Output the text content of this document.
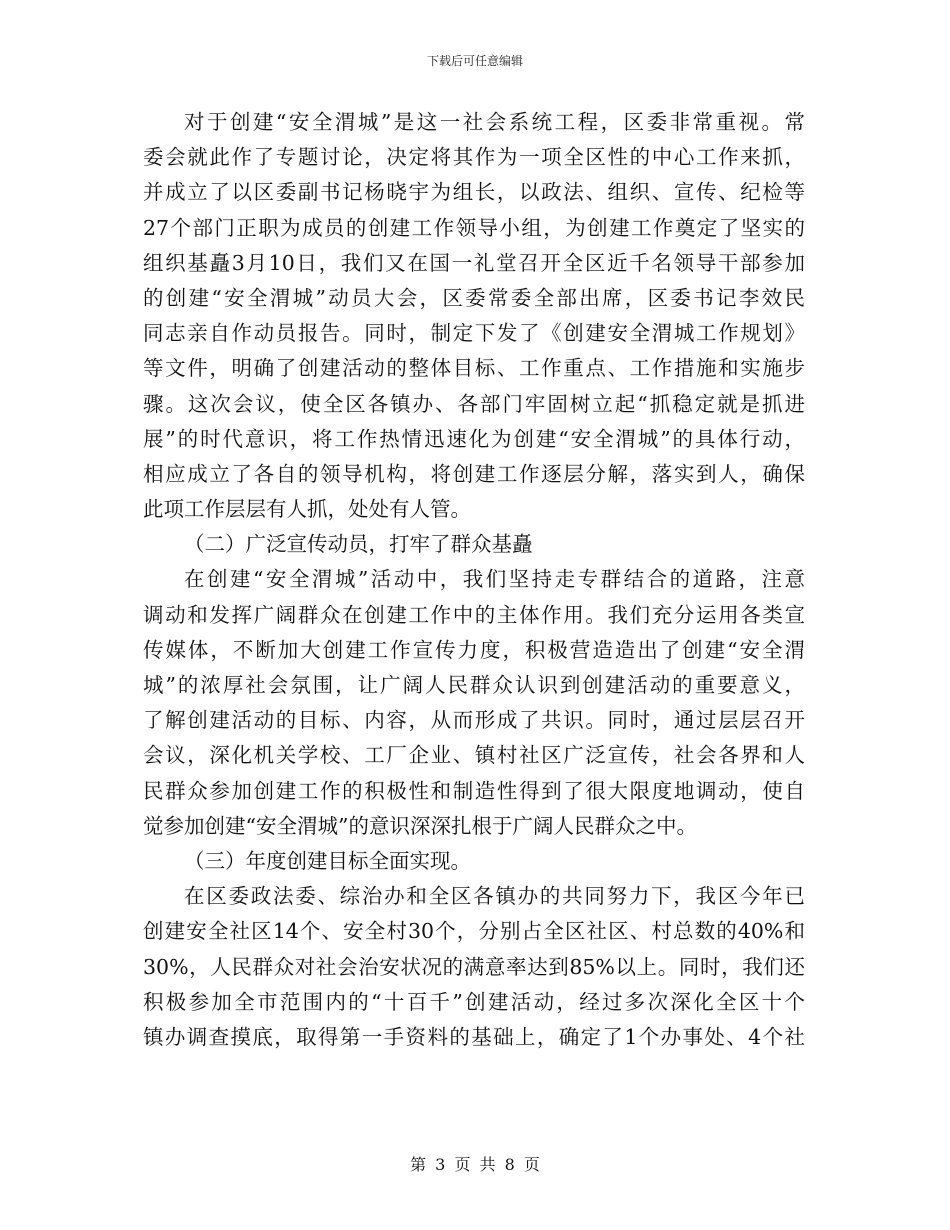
下载后可任意编辑
对于创建“安全渭城”是这一社会系统工程，区委非常重视。常
委会就此作了专题讨论，决定将其作为一项全区性的中心工作来抓，
并成立了以区委副书记杨晓宇为组长，以政法、组织、宣传、纪检等
27个部门正职为成员的创建工作领导小组，为创建工作奠定了坚实的
组织基矗3月10日，我们又在国一礼堂召开全区近千名领导干部参加
的创建“安全渭城”动员大会，区委常委全部出席，区委书记李效民
同志亲自作动员报告。同时，制定下发了《创建安全渭城工作规划》
等文件，明确了创建活动的整体目标、工作重点、工作措施和实施步
骤。这次会议，使全区各镇办、各部门牢固树立起“抓稳定就是抓进
展”的时代意识，将工作热情迅速化为创建“安全渭城”的具体行动，
相应成立了各自的领导机构，将创建工作逐层分解，落实到人，确保
此项工作层层有人抓，处处有人管。
（二）广泛宣传动员，打牢了群众基矗
在创建“安全渭城”活动中，我们坚持走专群结合的道路，注意
调动和发挥广阔群众在创建工作中的主体作用。我们充分运用各类宣
传媒体，不断加大创建工作宣传力度，积极营造造出了创建“安全渭
城”的浓厚社会氛围，让广阔人民群众认识到创建活动的重要意义，
了解创建活动的目标、内容，从而形成了共识。同时，通过层层召开
会议，深化机关学校、工厂企业、镇村社区广泛宣传，社会各界和人
民群众参加创建工作的积极性和制造性得到了很大限度地调动，使自
觉参加创建“安全渭城”的意识深深扎根于广阔人民群众之中。
（三）年度创建目标全面实现。
在区委政法委、综治办和全区各镇办的共同努力下，我区今年已
创建安全社区14个、安全村30个，分别占全区社区、村总数的40%和
30%，人民群众对社会治安状况的满意率达到85%以上。同时，我们还
积极参加全市范围内的“十百千”创建活动，经过多次深化全区十个
镇办调查摸底，取得第一手资料的基础上，确定了1个办事处、4个社
第 3 页 共 8 页
